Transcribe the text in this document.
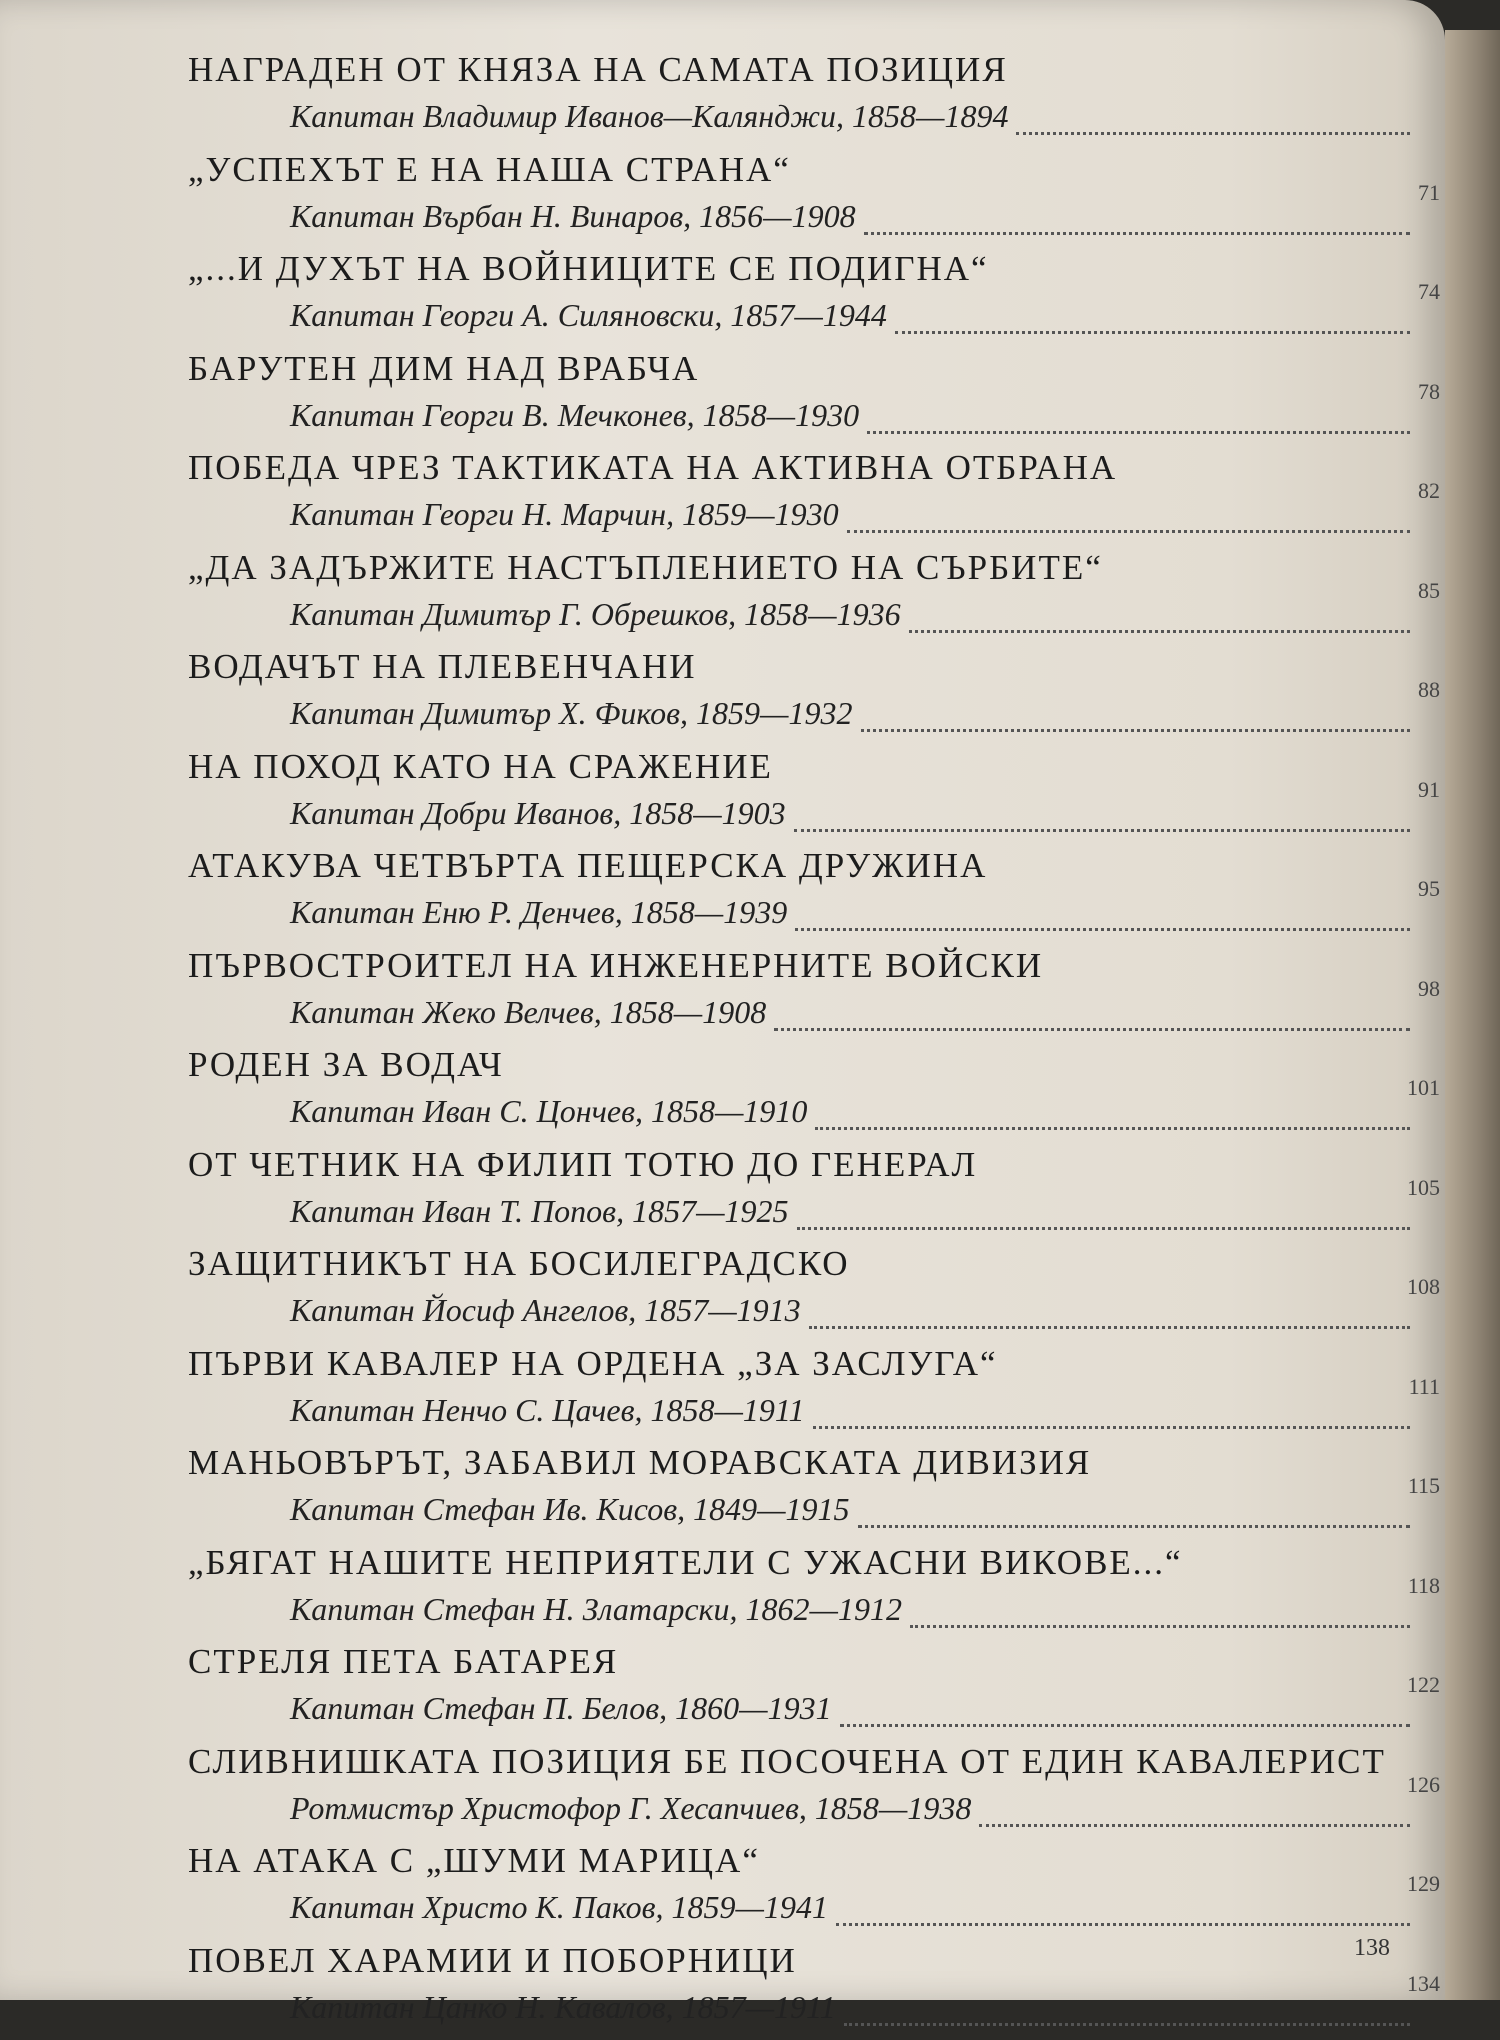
НАГРАДЕН ОТ КНЯЗА НА САМАТА ПОЗИЦИЯ
Капитан Владимир Иванов—Калянджи, 1858—1894
„УСПЕХЪТ Е НА НАША СТРАНА“
Капитан Върбан Н. Винаров, 1856—1908
71
„...И ДУХЪТ НА ВОЙНИЦИТЕ СЕ ПОДИГНА“
Капитан Георги А. Силяновски, 1857—1944
74
БАРУТЕН ДИМ НАД ВРАБЧА
Капитан Георги В. Мечконев, 1858—1930
78
ПОБЕДА ЧРЕЗ ТАКТИКАТА НА АКТИВНА ОТБРАНА
Капитан Георги Н. Марчин, 1859—1930
82
„ДА ЗАДЪРЖИТЕ НАСТЪПЛЕНИЕТО НА СЪРБИТЕ“
Капитан Димитър Г. Обрешков, 1858—1936
85
ВОДАЧЪТ НА ПЛЕВЕНЧАНИ
Капитан Димитър Х. Фиков, 1859—1932
88
НА ПОХОД КАТО НА СРАЖЕНИЕ
Капитан Добри Иванов, 1858—1903
91
АТАКУВА ЧЕТВЪРТА ПЕЩЕРСКА ДРУЖИНА
Капитан Еню Р. Денчев, 1858—1939
95
ПЪРВОСТРОИТЕЛ НА ИНЖЕНЕРНИТЕ ВОЙСКИ
Капитан Жеко Велчев, 1858—1908
98
РОДЕН ЗА ВОДАЧ
Капитан Иван С. Цончев, 1858—1910
101
ОТ ЧЕТНИК НА ФИЛИП ТОТЮ ДО ГЕНЕРАЛ
Капитан Иван Т. Попов, 1857—1925
105
ЗАЩИТНИКЪТ НА БОСИЛЕГРАДСКО
Капитан Йосиф Ангелов, 1857—1913
108
ПЪРВИ КАВАЛЕР НА ОРДЕНА „ЗА ЗАСЛУГА“
Капитан Ненчо С. Цачев, 1858—1911
111
МАНЬОВЪРЪТ, ЗАБАВИЛ МОРАВСКАТА ДИВИЗИЯ
Капитан Стефан Ив. Кисов, 1849—1915
115
„БЯГАТ НАШИТЕ НЕПРИЯТЕЛИ С УЖАСНИ ВИКОВЕ...“
Капитан Стефан Н. Златарски, 1862—1912
118
СТРЕЛЯ ПЕТА БАТАРЕЯ
Капитан Стефан П. Белов, 1860—1931
122
СЛИВНИШКАТА ПОЗИЦИЯ БЕ ПОСОЧЕНА ОТ ЕДИН КАВАЛЕРИСТ
Ротмистър Христофор Г. Хесапчиев, 1858—1938
126
НА АТАКА С „ШУМИ МАРИЦА“
Капитан Христо К. Паков, 1859—1941
129
ПОВЕЛ ХАРАМИИ И ПОБОРНИЦИ
Капитан Цанко Н. Кавалов, 1857—1911
134
138
